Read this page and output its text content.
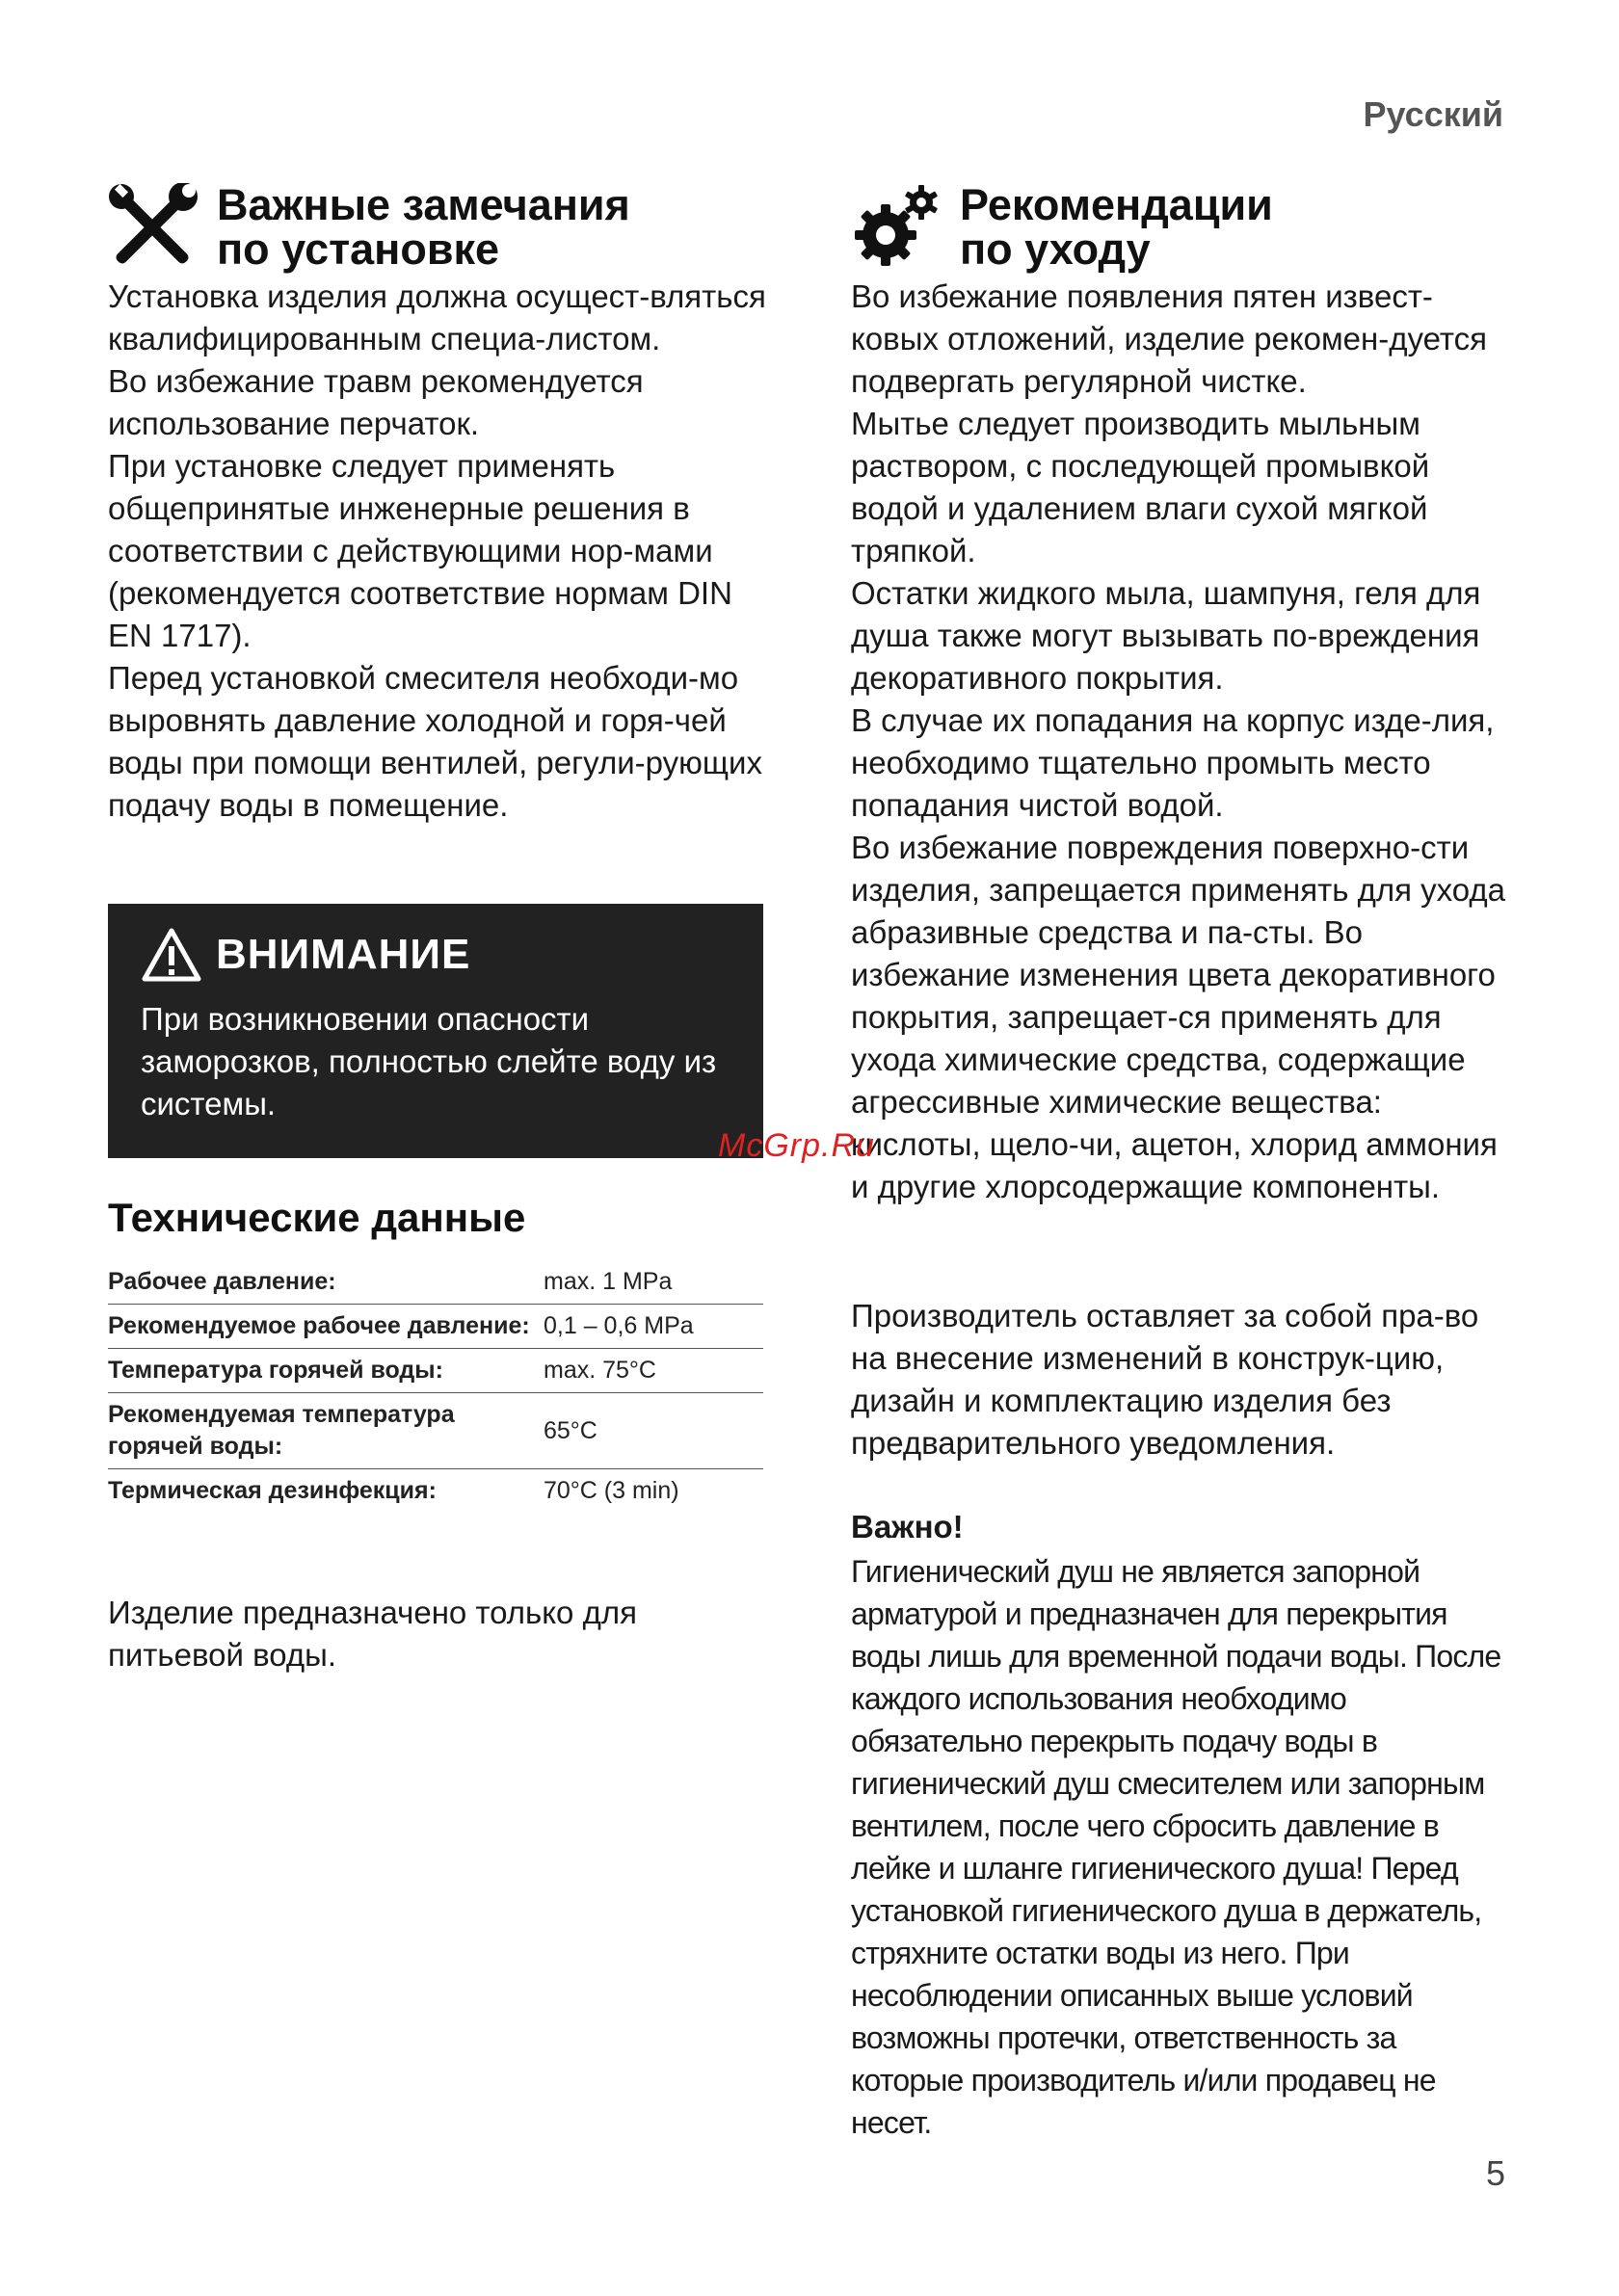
Русский
Важные замечания
по установке

Установка изделия должна осущест-вляться квалифицированным специа-листом.

Во избежание травм рекомендуется использование перчаток.

При установке следует применять общепринятые инженерные решения в соответствии с действующими нор-мами (рекомендуется соответствие нормам DIN EN 1717).

Перед установкой смесителя необходи-мо выровнять давление холодной и горя-чей воды при помощи вентилей, регули-рующих подачу воды в помещение.

ВНИМАНИЕ

При возникновении опасности заморозков, полностью слейте воду из системы.

Технические данные
Рабочее давление:	max. 1 MPa
Рекомендуемое рабочее давление:	0,1 – 0,6 MPa
Температура горячей воды:	max. 75°C
Рекомендуемая температура горячей воды:	65°C
Термическая дезинфекция:	70°C (3 min)

Изделие предназначено только для питьевой воды.

Рекомендации
по уходу

Во избежание появления пятен извест-ковых отложений, изделие рекомен-дуется подвергать регулярной чистке.

Мытье следует производить мыльным раствором, с последующей промывкой водой и удалением влаги сухой мягкой тряпкой.

Остатки жидкого мыла, шампуня, геля для душа также могут вызывать по-вреждения декоративного покрытия.

В случае их попадания на корпус изде-лия, необходимо тщательно промыть место попадания чистой водой.

Во избежание повреждения поверхно-сти изделия, запрещается применять для ухода абразивные средства и па-сты. Во избежание изменения цвета декоративного покрытия, запрещает-ся применять для ухода химические средства, содержащие агрессивные химические вещества: кислоты, щело-чи, ацетон, хлорид аммония и другие хлорсодержащие компоненты.

Производитель оставляет за собой пра-во на внесение изменений в конструк-цию, дизайн и комплектацию изделия без предварительного уведомления.

Важно!

Гигиенический душ не является запорной арматурой и предназначен для перекрытия воды лишь для временной подачи воды. После каждого использования необходимо обязательно перекрыть подачу воды в гигиенический душ смесителем или запорным вентилем, после чего сбросить давление в лейке и шланге гигиенического душа! Перед установкой гигиенического душа в держатель, стряхните остатки воды из него. При несоблюдении описанных выше условий возможны протечки, ответственность за которые производитель и/или продавец не несет.

McGrp.Ru
5
